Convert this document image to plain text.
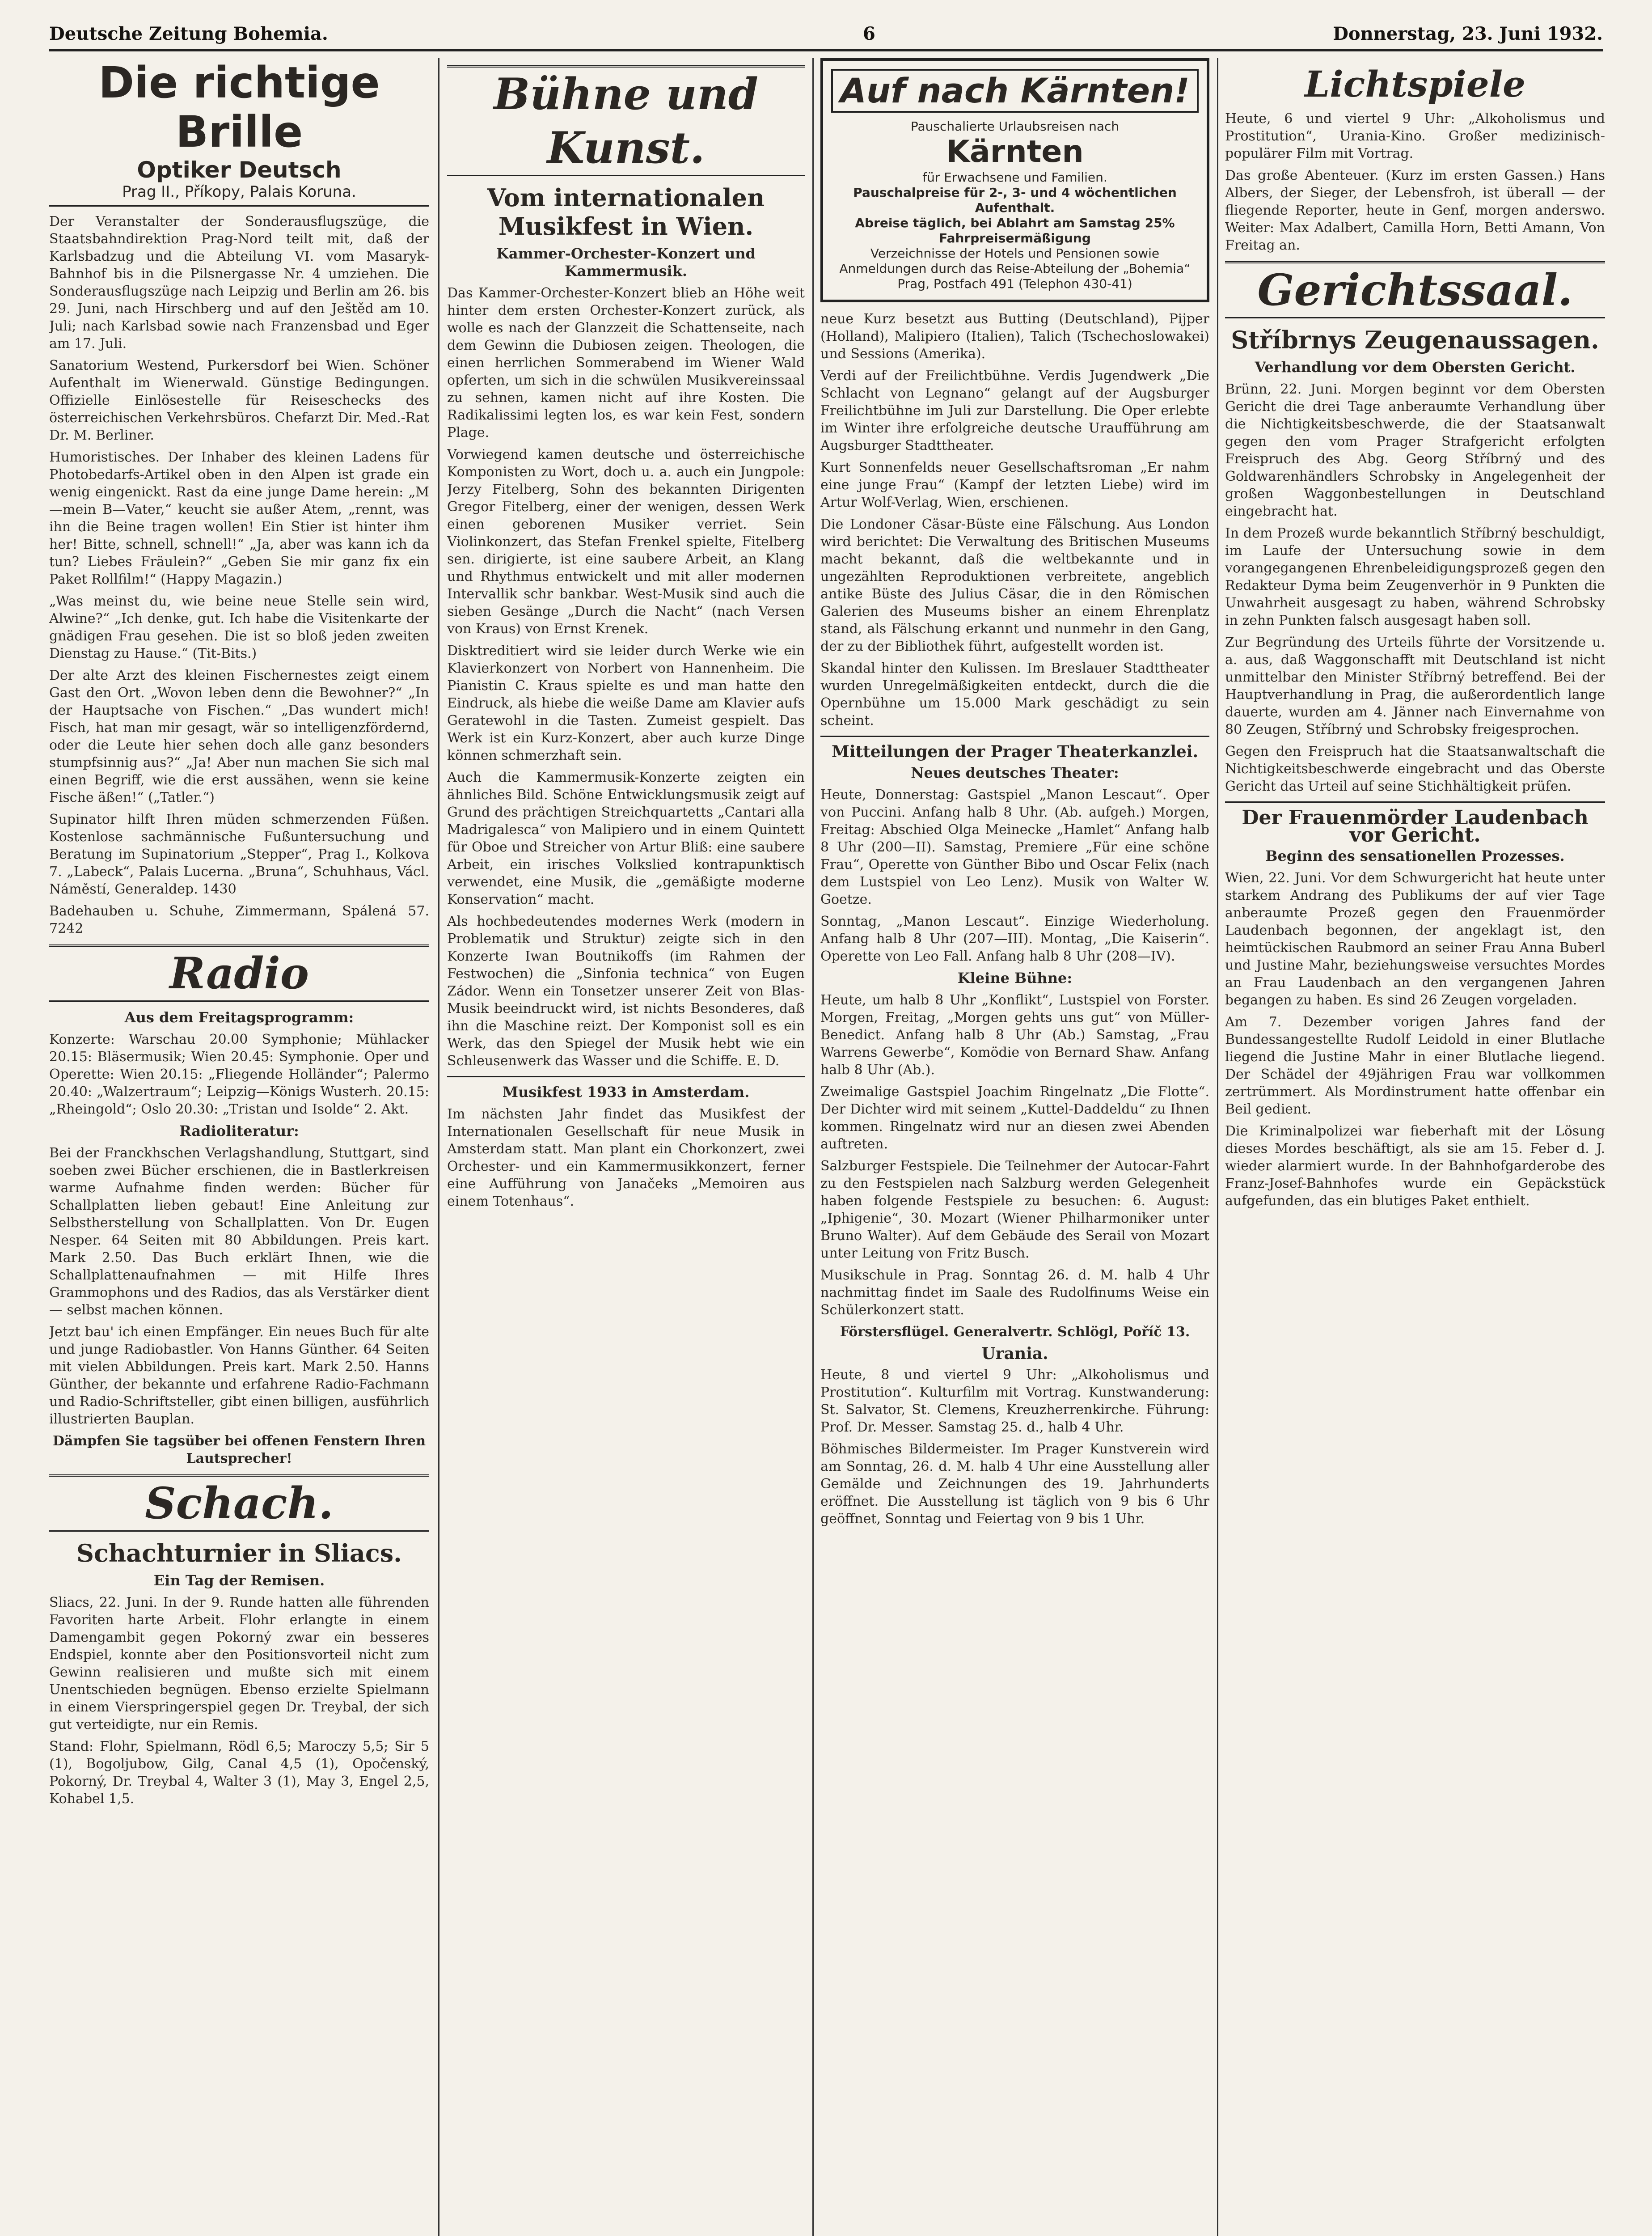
Deutsche Zeitung Bohemia.	6	Donnerstag, 23. Juni 1932.
Die richtige Brille
Optiker Deutsch
Prag II., Příkopy, Palais Koruna.

Der Veranstalter der Sonderausflugszüge, die Staatsbahndirektion Prag-Nord teilt mit, daß der Karlsbadzug und die Abteilung VI. vom Masaryk-Bahnhof bis in die Pilsnergasse Nr. 4 umziehen. Die Sonderausflugszüge nach Leipzig und Berlin am 26. bis 29. Juni, nach Hirschberg und auf den Ještěd am 10. Juli; nach Karlsbad sowie nach Franzensbad und Eger am 17. Juli.

Sanatorium Westend, Purkersdorf bei Wien. Schöner Aufenthalt im Wienerwald. Günstige Bedingungen. Offizielle Einlösestelle für Reiseschecks des österreichischen Verkehrsbüros. Chefarzt Dir. Med.-Rat Dr. M. Berliner.

Humoristisches. Der Inhaber des kleinen Ladens für Photobedarfs-Artikel oben in den Alpen ist grade ein wenig eingenickt. Rast da eine junge Dame herein: „M—mein B—Vater,“ keucht sie außer Atem, „rennt, was ihn die Beine tragen wollen! Ein Stier ist hinter ihm her! Bitte, schnell, schnell!“ „Ja, aber was kann ich da tun? Liebes Fräulein?“ „Geben Sie mir ganz fix ein Paket Rollfilm!“ (Happy Magazin.)

„Was meinst du, wie beine neue Stelle sein wird, Alwine?“ „Ich denke, gut. Ich habe die Visitenkarte der gnädigen Frau gesehen. Die ist so bloß jeden zweiten Dienstag zu Hause.“ (Tit-Bits.)

Der alte Arzt des kleinen Fischernestes zeigt einem Gast den Ort. „Wovon leben denn die Bewohner?“ „In der Hauptsache von Fischen.“ „Das wundert mich! Fisch, hat man mir gesagt, wär so intelligenzfördernd, oder die Leute hier sehen doch alle ganz besonders stumpfsinnig aus?“ „Ja! Aber nun machen Sie sich mal einen Begriff, wie die erst aussähen, wenn sie keine Fische äßen!“ („Tatler.“)

Supinator hilft Ihren müden schmerzenden Füßen. Kostenlose sachmännische Fußuntersuchung und Beratung im Supinatorium „Stepper“, Prag I., Kolkova 7. „Labeck“, Palais Lucerna. „Bruna“, Schuhhaus, Václ. Náměstí, Generaldep. 1430

Badehauben u. Schuhe, Zimmermann, Spálená 57. 7242

Radio
Aus dem Freitagsprogramm:

Konzerte: Warschau 20.00 Symphonie; Mühlacker 20.15: Bläsermusik; Wien 20.45: Symphonie. Oper und Operette: Wien 20.15: „Fliegende Holländer“; Palermo 20.40: „Walzertraum“; Leipzig—Königs Wusterh. 20.15: „Rheingold“; Oslo 20.30: „Tristan und Isolde“ 2. Akt.

Radioliteratur:

Bei der Franckhschen Verlagshandlung, Stuttgart, sind soeben zwei Bücher erschienen, die in Bastlerkreisen warme Aufnahme finden werden: Bücher für Schallplatten lieben gebaut! Eine Anleitung zur Selbstherstellung von Schallplatten. Von Dr. Eugen Nesper. 64 Seiten mit 80 Abbildungen. Preis kart. Mark 2.50. Das Buch erklärt Ihnen, wie die Schallplattenaufnahmen — mit Hilfe Ihres Grammophons und des Radios, das als Verstärker dient — selbst machen können.

Jetzt bau' ich einen Empfänger. Ein neues Buch für alte und junge Radiobastler. Von Hanns Günther. 64 Seiten mit vielen Abbildungen. Preis kart. Mark 2.50. Hanns Günther, der bekannte und erfahrene Radio-Fachmann und Radio-Schriftsteller, gibt einen billigen, ausführlich illustrierten Bauplan.

Dämpfen Sie tagsüber bei offenen Fenstern Ihren Lautsprecher!

Schach.
Schachturnier in Sliacs.
Ein Tag der Remisen.

Sliacs, 22. Juni. In der 9. Runde hatten alle führenden Favoriten harte Arbeit. Flohr erlangte in einem Damengambit gegen Pokorný zwar ein besseres Endspiel, konnte aber den Positionsvorteil nicht zum Gewinn realisieren und mußte sich mit einem Unentschieden begnügen. Ebenso erzielte Spielmann in einem Vierspringerspiel gegen Dr. Treybal, der sich gut verteidigte, nur ein Remis.

Stand: Flohr, Spielmann, Rödl 6,5; Maroczy 5,5; Sir 5 (1), Bogoljubow, Gilg, Canal 4,5 (1), Opočenský, Pokorný, Dr. Treybal 4, Walter 3 (1), May 3, Engel 2,5, Kohabel 1,5.

Bühne und Kunst.
Vom internationalen Musikfest in Wien.
Kammer-Orchester-Konzert und Kammermusik.

Das Kammer-Orchester-Konzert blieb an Höhe weit hinter dem ersten Orchester-Konzert zurück, als wolle es nach der Glanzzeit die Schattenseite, nach dem Gewinn die Dubiosen zeigen. Theologen, die einen herrlichen Sommerabend im Wiener Wald opferten, um sich in die schwülen Musikvereinssaal zu sehnen, kamen nicht auf ihre Kosten. Die Radikalissimi legten los, es war kein Fest, sondern Plage.

Vorwiegend kamen deutsche und österreichische Komponisten zu Wort, doch u. a. auch ein Jungpole: Jerzy Fitelberg, Sohn des bekannten Dirigenten Gregor Fitelberg, einer der wenigen, dessen Werk einen geborenen Musiker verriet. Sein Violinkonzert, das Stefan Frenkel spielte, Fitelberg sen. dirigierte, ist eine saubere Arbeit, an Klang und Rhythmus entwickelt und mit aller modernen Intervallik schr bankbar. West-Musik sind auch die sieben Gesänge „Durch die Nacht“ (nach Versen von Kraus) von Ernst Krenek.

Disktreditiert wird sie leider durch Werke wie ein Klavierkonzert von Norbert von Hannenheim. Die Pianistin C. Kraus spielte es und man hatte den Eindruck, als hiebe die weiße Dame am Klavier aufs Geratewohl in die Tasten. Zumeist gespielt. Das Werk ist ein Kurz-Konzert, aber auch kurze Dinge können schmerzhaft sein.

Auch die Kammermusik-Konzerte zeigten ein ähnliches Bild. Schöne Entwicklungsmusik zeigt auf Grund des prächtigen Streichquartetts „Cantari alla Madrigalesca“ von Malipiero und in einem Quintett für Oboe und Streicher von Artur Bliß: eine saubere Arbeit, ein irisches Volkslied kontrapunktisch verwendet, eine Musik, die „gemäßigte moderne Konservation“ macht.

Als hochbedeutendes modernes Werk (modern in Problematik und Struktur) zeigte sich in den Konzerte Iwan Boutnikoffs (im Rahmen der Festwochen) die „Sinfonia technica“ von Eugen Zádor. Wenn ein Tonsetzer unserer Zeit von Blas-Musik beeindruckt wird, ist nichts Besonderes, daß ihn die Maschine reizt. Der Komponist soll es ein Werk, das den Spiegel der Musik hebt wie ein Schleusenwerk das Wasser und die Schiffe. E. D.

Musikfest 1933 in Amsterdam.

Im nächsten Jahr findet das Musikfest der Internationalen Gesellschaft für neue Musik in Amsterdam statt. Man plant ein Chorkonzert, zwei Orchester- und ein Kammermusikkonzert, ferner eine Aufführung von Janačeks „Memoiren aus einem Totenhaus“.

Auf nach Kärnten!
Pauschalierte Urlaubsreisen nach
Kärnten
für Erwachsene und Familien.
Pauschalpreise für 2-, 3- und 4 wöchentlichen Aufenthalt.
Abreise täglich, bei Ablahrt am Samstag 25% Fahrpreisermäßigung
Verzeichnisse der Hotels und Pensionen sowie Anmeldungen durch das Reise-Abteilung der „Bohemia“ Prag, Postfach 491 (Telephon 430-41)

neue Kurz besetzt aus Butting (Deutschland), Pijper (Holland), Malipiero (Italien), Talich (Tschechoslowakei) und Sessions (Amerika).

Verdi auf der Freilichtbühne. Verdis Jugendwerk „Die Schlacht von Legnano“ gelangt auf der Augsburger Freilichtbühne im Juli zur Darstellung. Die Oper erlebte im Winter ihre erfolgreiche deutsche Uraufführung am Augsburger Stadttheater.

Kurt Sonnenfelds neuer Gesellschaftsroman „Er nahm eine junge Frau“ (Kampf der letzten Liebe) wird im Artur Wolf-Verlag, Wien, erschienen.

Die Londoner Cäsar-Büste eine Fälschung. Aus London wird berichtet: Die Verwaltung des Britischen Museums macht bekannt, daß die weltbekannte und in ungezählten Reproduktionen verbreitete, angeblich antike Büste des Julius Cäsar, die in den Römischen Galerien des Museums bisher an einem Ehrenplatz stand, als Fälschung erkannt und nunmehr in den Gang, der zu der Bibliothek führt, aufgestellt worden ist.

Skandal hinter den Kulissen. Im Breslauer Stadttheater wurden Unregelmäßigkeiten entdeckt, durch die die Opernbühne um 15.000 Mark geschädigt zu sein scheint.

Mitteilungen der Prager Theaterkanzlei.
Neues deutsches Theater:

Heute, Donnerstag: Gastspiel „Manon Lescaut“. Oper von Puccini. Anfang halb 8 Uhr. (Ab. aufgeh.) Morgen, Freitag: Abschied Olga Meinecke „Hamlet“ Anfang halb 8 Uhr (200—II). Samstag, Premiere „Für eine schöne Frau“, Operette von Günther Bibo und Oscar Felix (nach dem Lustspiel von Leo Lenz). Musik von Walter W. Goetze.

Sonntag, „Manon Lescaut“. Einzige Wiederholung. Anfang halb 8 Uhr (207—III). Montag, „Die Kaiserin“. Operette von Leo Fall. Anfang halb 8 Uhr (208—IV).

Kleine Bühne:

Heute, um halb 8 Uhr „Konflikt“, Lustspiel von Forster. Morgen, Freitag, „Morgen gehts uns gut“ von Müller-Benedict. Anfang halb 8 Uhr (Ab.) Samstag, „Frau Warrens Gewerbe“, Komödie von Bernard Shaw. Anfang halb 8 Uhr (Ab.).

Zweimalige Gastspiel Joachim Ringelnatz „Die Flotte“. Der Dichter wird mit seinem „Kuttel-Daddeldu“ zu Ihnen kommen. Ringelnatz wird nur an diesen zwei Abenden auftreten.

Salzburger Festspiele. Die Teilnehmer der Autocar-Fahrt zu den Festspielen nach Salzburg werden Gelegenheit haben folgende Festspiele zu besuchen: 6. August: „Iphigenie“, 30. Mozart (Wiener Philharmoniker unter Bruno Walter). Auf dem Gebäude des Serail von Mozart unter Leitung von Fritz Busch.

Musikschule in Prag. Sonntag 26. d. M. halb 4 Uhr nachmittag findet im Saale des Rudolfinums Weise ein Schülerkonzert statt.

Förstersflügel. Generalvertr. Schlögl, Poříč 13.

Urania.

Heute, 8 und viertel 9 Uhr: „Alkoholismus und Prostitution“. Kulturfilm mit Vortrag. Kunstwanderung: St. Salvator, St. Clemens, Kreuzherrenkirche. Führung: Prof. Dr. Messer. Samstag 25. d., halb 4 Uhr.

Böhmisches Bildermeister. Im Prager Kunstverein wird am Sonntag, 26. d. M. halb 4 Uhr eine Ausstellung aller Gemälde und Zeichnungen des 19. Jahrhunderts eröffnet. Die Ausstellung ist täglich von 9 bis 6 Uhr geöffnet, Sonntag und Feiertag von 9 bis 1 Uhr.

Lichtspiele

Heute, 6 und viertel 9 Uhr: „Alkoholismus und Prostitution“, Urania-Kino. Großer medizinisch-populärer Film mit Vortrag.

Das große Abenteuer. (Kurz im ersten Gassen.) Hans Albers, der Sieger, der Lebensfroh, ist überall — der fliegende Reporter, heute in Genf, morgen anderswo. Weiter: Max Adalbert, Camilla Horn, Betti Amann, Von Freitag an.

Gerichtssaal.
Stříbrnys Zeugenaussagen.
Verhandlung vor dem Obersten Gericht.

Brünn, 22. Juni. Morgen beginnt vor dem Obersten Gericht die drei Tage anberaumte Verhandlung über die Nichtigkeitsbeschwerde, die der Staatsanwalt gegen den vom Prager Strafgericht erfolgten Freispruch des Abg. Georg Stříbrný und des Goldwarenhändlers Schrobsky in Angelegenheit der großen Waggonbestellungen in Deutschland eingebracht hat.

In dem Prozeß wurde bekanntlich Stříbrný beschuldigt, im Laufe der Untersuchung sowie in dem vorangegangenen Ehrenbeleidigungsprozeß gegen den Redakteur Dyma beim Zeugenverhör in 9 Punkten die Unwahrheit ausgesagt zu haben, während Schrobsky in zehn Punkten falsch ausgesagt haben soll.

Zur Begründung des Urteils führte der Vorsitzende u. a. aus, daß Waggonschafft mit Deutschland ist nicht unmittelbar den Minister Stříbrný betreffend. Bei der Hauptverhandlung in Prag, die außerordentlich lange dauerte, wurden am 4. Jänner nach Einvernahme von 80 Zeugen, Stříbrný und Schrobsky freigesprochen.

Gegen den Freispruch hat die Staatsanwaltschaft die Nichtigkeitsbeschwerde eingebracht und das Oberste Gericht das Urteil auf seine Stichhältigkeit prüfen.

Der Frauenmörder Laudenbach vor Gericht.
Beginn des sensationellen Prozesses.

Wien, 22. Juni. Vor dem Schwurgericht hat heute unter starkem Andrang des Publikums der auf vier Tage anberaumte Prozeß gegen den Frauenmörder Laudenbach begonnen, der angeklagt ist, den heimtückischen Raubmord an seiner Frau Anna Buberl und Justine Mahr, beziehungsweise versuchtes Mordes an Frau Laudenbach an den vergangenen Jahren begangen zu haben. Es sind 26 Zeugen vorgeladen.

Am 7. Dezember vorigen Jahres fand der Bundessangestellte Rudolf Leidold in einer Blutlache liegend die Justine Mahr in einer Blutlache liegend. Der Schädel der 49jährigen Frau war vollkommen zertrümmert. Als Mordinstrument hatte offenbar ein Beil gedient.

Die Kriminalpolizei war fieberhaft mit der Lösung dieses Mordes beschäftigt, als sie am 15. Feber d. J. wieder alarmiert wurde. In der Bahnhofgarderobe des Franz-Josef-Bahnhofes wurde ein Gepäckstück aufgefunden, das ein blutiges Paket enthielt.
